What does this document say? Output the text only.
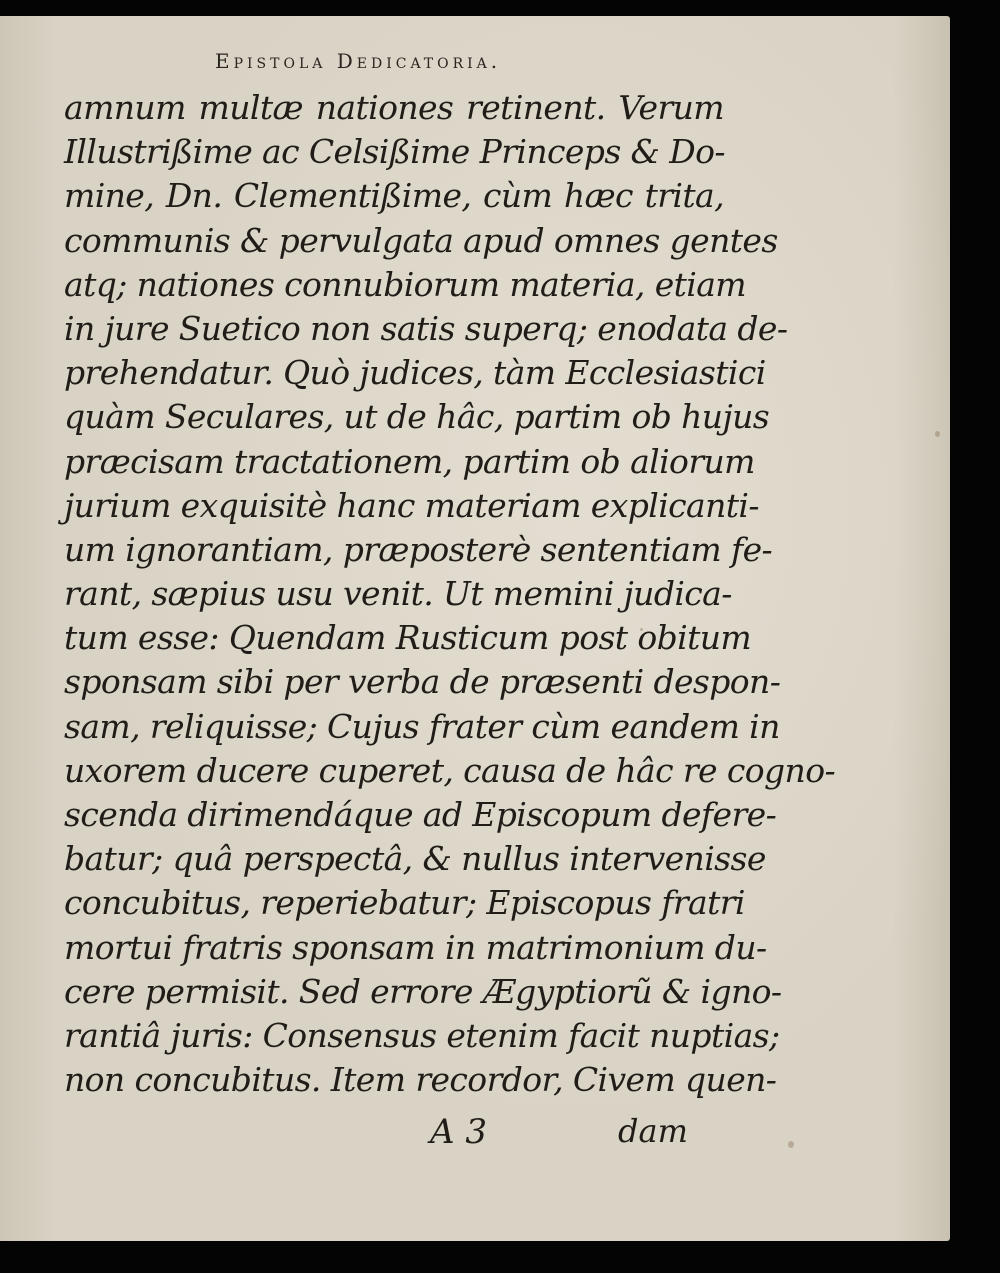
Epistola Dedicatoria.
amnum multæ nationes retinent. Verum
Illustrißime ac Celsißime Princeps & Do-
mine, Dn. Clementißime, cùm hæc trita,
communis & pervulgata apud omnes gentes
atq; nationes connubiorum materia, etiam
in jure Suetico non satis superq; enodata de-
prehendatur. Quò judices, tàm Ecclesiastici
quàm Seculares, ut de hâc, partim ob hujus
præcisam tractationem, partim ob aliorum
jurium exquisitè hanc materiam explicanti-
um ignorantiam, præposterè sententiam fe-
rant, sæpius usu venit. Ut memini judica-
tum esse: Quendam Rusticum post obitum
sponsam sibi per verba de præsenti despon-
sam, reliquisse; Cujus frater cùm eandem in
uxorem ducere cuperet, causa de hâc re cogno-
scenda dirimendáque ad Episcopum defere-
batur; quâ perspectâ, & nullus intervenisse
concubitus, reperiebatur; Episcopus fratri
mortui fratris sponsam in matrimonium du-
cere permisit. Sed errore Ægyptiorũ & igno-
rantiâ juris: Consensus etenim facit nuptias;
non concubitus. Item recordor, Civem quen-
A 3	dam
